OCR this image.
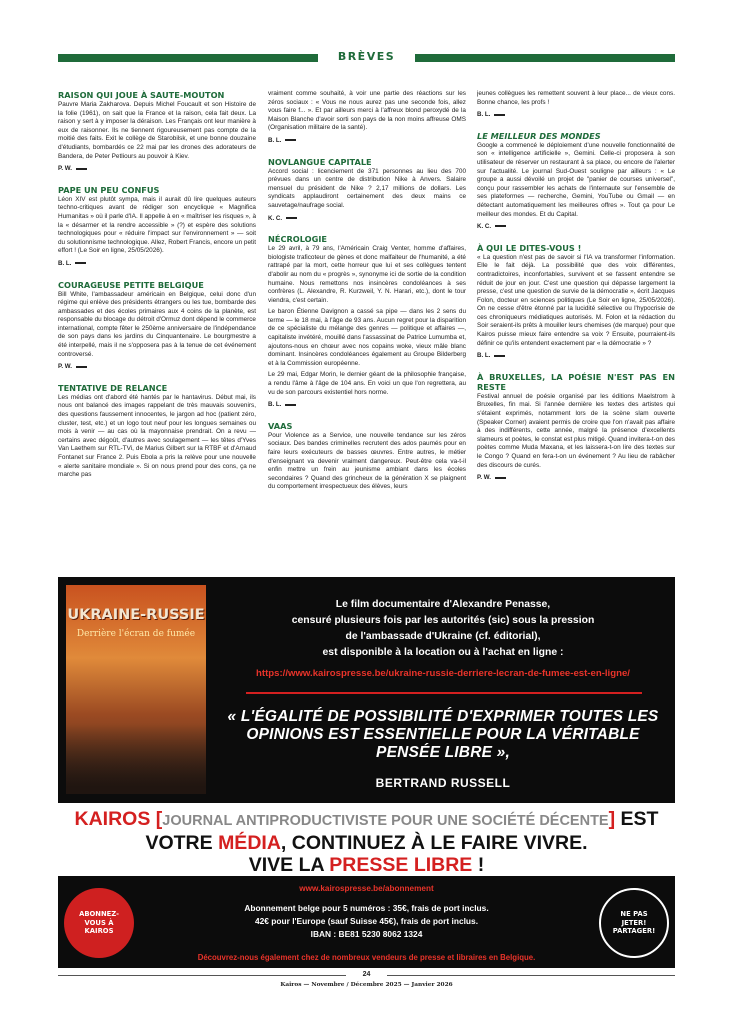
BRÈVES
RAISON QUI JOUE À SAUTE-MOUTON

Pauvre Maria Zakharova. Depuis Michel Foucault et son Histoire de la folie (1961), on sait que la France et la raison, cela fait deux. La raison y sert à y imposer la déraison. Les Français ont leur manière à eux de raisonner. Ils ne tiennent rigoureusement pas compte de la moitié des faits. Exit le collège de Starobilsk, et une bonne douzaine d'étudiants, bombardés ce 22 mai par les drones des adorateurs de Bandera, de Peter Petliours au pouvoir à Kiev.

P. W.
PAPE UN PEU CONFUS

Léon XIV est plutôt sympa, mais il aurait dû lire quelques auteurs techno-critiques avant de rédiger son encyclique « Magnifica Humanitas » où il parle d'IA. Il appelle à en « maîtriser les risques », à la « désarmer et la rendre accessible » (?) et espère des solutions technologiques pour « réduire l'impact sur l'environnement » — soit du solutionnisme technologique. Allez, Robert Francis, encore un petit effort ! (Le Soir en ligne, 25/05/2026).

B. L.
COURAGEUSE PETITE BELGIQUE

Bill White, l'ambassadeur américain en Belgique, celui donc d'un régime qui enlève des présidents étrangers ou les tue, bombarde des ambassades et des écoles primaires aux 4 coins de la planète, est responsable du blocage du détroit d'Ormuz dont dépend le commerce international, compte fêter le 250ème anniversaire de l'indépendance de son pays dans les jardins du Cinquantenaire. Le bourgmestre a été interpellé, mais il ne s'opposera pas à la tenue de cet événement controversé.

P. W.
TENTATIVE DE RELANCE

Les médias ont d'abord été hantés par le hantavirus. Début mai, ils nous ont balancé des images rappelant de très mauvais souvenirs, des questions faussement innocentes, le jargon ad hoc (patient zéro, cluster, test, etc.) et un logo tout neuf pour les longues semaines ou mois à venir — au cas où la mayonnaise prendrait. On a revu — certains avec dégoût, d'autres avec soulagement — les têtes d'Yves Van Laethem sur RTL-TVi, de Marius Gilbert sur la RTBF et d'Arnaud Fontanet sur France 2. Puis Ebola a pris la relève pour une nouvelle « alerte sanitaire mondiale ». Si on nous prend pour des cons, ça ne marche pas

vraiment comme souhaité, à voir une partie des réactions sur les zéros sociaux : « Vous ne nous aurez pas une seconde fois, allez vous faire f... ». Et par ailleurs merci à l'affreux blond peroxydé de la Maison Blanche d'avoir sorti son pays de la non moins affreuse OMS (Organisation militaire de la santé).

B. L.
NOVLANGUE CAPITALE

Accord social : licenciement de 371 personnes au lieu des 700 prévues dans un centre de distribution Nike à Anvers. Salaire mensuel du président de Nike ? 2,17 millions de dollars. Les syndicats applaudiront certainement des deux mains ce sauvetage/naufrage social.

K. C.
NÉCROLOGIE

Le 29 avril, à 79 ans, l'Américain Craig Venter, homme d'affaires, biologiste traficoteur de gènes et donc malfaiteur de l'humanité, a été rattrapé par la mort, cette horreur que lui et ses collègues tentent d'abolir au nom du « progrès », synonyme ici de sortie de la condition humaine. Nous remettons nos insincères condoléances à ses confrères (L. Alexandre, R. Kurzweil, Y. N. Harari, etc.), dont le tour viendra, c'est certain.

Le baron Étienne Davignon a cassé sa pipe — dans les 2 sens du terme — le 18 mai, à l'âge de 93 ans. Aucun regret pour la disparition de ce spécialiste du mélange des genres — politique et affaires —, capitaliste invétéré, mouillé dans l'assassinat de Patrice Lumumba et, ajoutons-nous en chœur avec nos copains woke, vieux mâle blanc dominant. Insincères condoléances également au Groupe Bilderberg et à la Commission européenne.

Le 29 mai, Edgar Morin, le dernier géant de la philosophie française, a rendu l'âme à l'âge de 104 ans. En voici un que l'on regrettera, au vu de son parcours existentiel hors norme.

B. L.
VAAS

Pour Violence as a Service, une nouvelle tendance sur les zéros sociaux. Des bandes criminelles recrutent des ados paumés pour en faire leurs exécuteurs de basses œuvres. Entre autres, le métier d'enseignant va devenir vraiment dangereux. Peut-être cela va-t-il enfin mettre un frein au jeunisme ambiant dans les écoles secondaires ? Quand des grincheux de la génération X se plaignent du comportement irrespectueux des élèves, leurs

jeunes collègues les remettent souvent à leur place... de vieux cons. Bonne chance, les profs !

B. L.
LE MEILLEUR DES MONDES

Google a commencé le déploiement d'une nouvelle fonctionnalité de son « intelligence artificielle », Gemini. Celle-ci proposera à son utilisateur de réserver un restaurant à sa place, ou encore de l'alerter sur l'actualité. Le journal Sud-Ouest souligne par ailleurs : « Le groupe a aussi dévoilé un projet de "panier de courses universel", conçu pour rassembler les achats de l'internaute sur l'ensemble de ses plateformes — recherche, Gemini, YouTube ou Gmail — en détectant automatiquement les meilleures offres ». Tout ça pour Le meilleur des mondes. Et du Capital.

K. C.
À QUI LE DITES-VOUS !

« La question n'est pas de savoir si l'IA va transformer l'information. Elle le fait déjà. La possibilité que des voix différentes, contradictoires, inconfortables, survivent et se fassent entendre se réduit de jour en jour. C'est une question qui dépasse largement la presse, c'est une question de survie de la démocratie », écrit Jacques Folon, docteur en sciences politiques (Le Soir en ligne, 25/05/2026). On ne cesse d'être étonné par la lucidité sélective ou l'hypocrisie de ces chroniqueurs médiatiques autorisés. M. Folon et la rédaction du Soir seraient-ils prêts à mouiller leurs chemises (de marque) pour que Kairos puisse mieux faire entendre sa voix ? Ensuite, pourraient-ils définir ce qu'ils entendent exactement par « la démocratie » ?

B. L.
À BRUXELLES, LA POÉSIE N'EST PAS EN RESTE

Festival annuel de poésie organisé par les éditions Maelstrom à Bruxelles, fin mai. Si l'année dernière les textes des artistes qui s'étaient exprimés, notamment lors de la scène slam ouverte (Speaker Corner) avaient permis de croire que l'on n'avait pas affaire à des indifférents, cette année, malgré la présence d'excellents slameurs et poètes, le constat est plus mitigé. Quand invitera-t-on des poètes comme Muda Maxana, et les laissera-t-on lire des textes sur le Congo ? Quand en fera-t-on un événement ? Au lieu de rabâcher des discours de curés.

P. W.
UKRAINE-RUSSIE
Derrière l'écran de fumée
Le film documentaire d'Alexandre Penasse,
censuré plusieurs fois par les autorités (sic) sous la pression
de l'ambassade d'Ukraine (cf. éditorial),
est disponible à la location ou à l'achat en ligne :
https://www.kairospresse.be/ukraine-russie-derriere-lecran-de-fumee-est-en-ligne/
« L'ÉGALITÉ DE POSSIBILITÉ D'EXPRIMER TOUTES LES OPINIONS EST ESSENTIELLE POUR LA VÉRITABLE PENSÉE LIBRE »,
BERTRAND RUSSELL
KAIROS [JOURNAL ANTIPRODUCTIVISTE POUR UNE SOCIÉTÉ DÉCENTE] EST VOTRE MÉDIA, CONTINUEZ À LE FAIRE VIVRE.
VIVE LA PRESSE LIBRE !
ABONNEZ-VOUS À KAIROS
NE PAS JETER! PARTAGER!
www.kairospresse.be/abonnement
Abonnement belge pour 5 numéros : 35€, frais de port inclus.
42€ pour l'Europe (sauf Suisse 45€), frais de port inclus.
IBAN : BE81 5230 8062 1324
Découvrez-nous également chez de nombreux vendeurs de presse et libraires en Belgique.
24
Kairos — Novembre / Décembre 2025 — Janvier 2026
